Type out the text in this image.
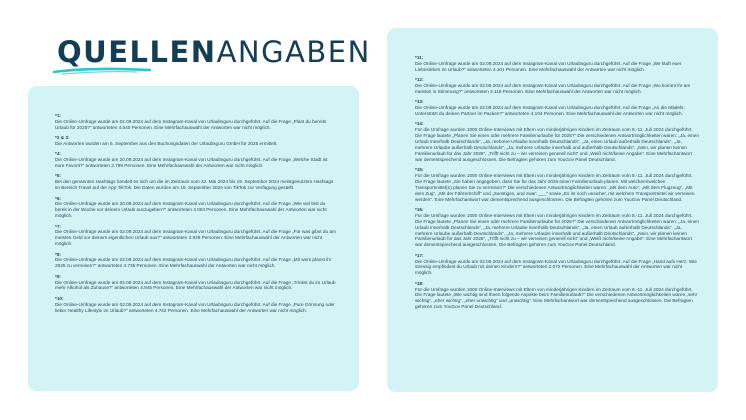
QUELLENANGABEN
*1:
Die Online-Umfrage wurde am 02.09.2024 auf dem Instagram-Kanal von Urlaubsguru durchgeführt. Auf die Frage „Plant du bereits Urlaub für 2025?“ antworteten 4.540 Personen. Eine Mehrfachauswahl der Antworten war nicht möglich.
*2 & 3:
Die Antworten wurden am 5. September aus den Buchungsdaten der Urlaubsguru GmbH für 2025 ermittelt.
*4:
Die Online-Umfrage wurde am 20.09.2024 auf dem Instagram-Kanal von Urlaubsguru durchgeführt. Auf die Frage „Welche Stadt ist eure Favorit?“ antworteten 2.789 Personen. Eine Mehrfachauswahl der Antworten war nicht möglich.
*5:
Bei den genannten Hashtags handelt es sich um die im Zeitraum vom 22. Mai 2024 bis 19. September 2024 meistgenutzten Hashtags im Bereich Travel auf der App TikTok. Die Daten wurden am 19. September 2024 von TikTok zur Verfügung gestellt.
*6:
Die Online-Umfrage wurde am 20.09.2024 auf dem Instagram-Kanal von Urlaubsguru durchgeführt. Auf die Frage „Wie viel bist du bereit in der Woche vor deinem Urlaub auszugeben?“ antworteten 4.063 Personen. Eine Mehrfachauswahl der Antworten war nicht möglich.
*7:
Die Online-Umfrage wurde am 02.09.2024 auf dem Instagram-Kanal von Urlaubsguru durchgeführt. Auf die Frage „Für was gibst du am meisten Geld vor deinem eigentlichen Urlaub aus?“ antworteten 3.939 Personen. Eine Mehrfachauswahl der Antworten war nicht möglich.
*8:
Die Online-Umfrage wurde am 02.09.2024 auf dem Instagram-Kanal von Urlaubsguru durchgeführt. Auf die Frage „Mit wem planst ihr 2025 zu verreisen?“ antworteten 4.735 Personen. Eine Mehrfachauswahl der Antworten war nicht möglich.
*9:
Die Online-Umfrage wurde am 02.09.2024 auf dem Instagram-Kanal von Urlaubsguru durchgeführt. Auf die Frage „Trinkst du im Urlaub mehr Alkohol als Zuhause?“ antworteten 4.945 Personen. Eine Mehrfachauswahl der Antworten war nicht möglich.
*10:
Die Online-Umfrage wurde am 02.09.2024 auf dem Instagram-Kanal von Urlaubsguru durchgeführt. Auf die Frage „Pure Gönnung oder lieber Healthy Lifestyle im Urlaub?“ antworteten 4.742 Personen. Eine Mehrfachauswahl der Antworten war nicht möglich.
*11:
Die Online-Umfrage wurde am 02.09.2024 auf dem Instagram-Kanal von Urlaubsguru durchgeführt. Auf die Frage „We läuft euer Liebesleben im Urlaub?“ antworteten 4.101 Personen. Eine Mehrfachauswahl der Antworten war nicht möglich.
*12:
Die Online-Umfrage wurde am 02.09.2024 auf dem Instagram-Kanal von Urlaubsguru durchgeführt. Auf die Frage „Wo kommt ihr am meisten in Stimmung?“ antworteten 3.119 Personen. Eine Mehrfachauswahl der Antworten war nicht möglich.
*13:
Die Online-Umfrage wurde am 02.09.2024 auf dem Instagram-Kanal von Urlaubsguru durchgeführt. Auf die Frage „An die Mädels: Unterstützt du deinen Partner im Packen?“ antworteten 4.104 Personen. Eine Mehrfachauswahl der Antworten war nicht möglich.
*14:
Für die Umfrage wurden 1000 Online-Interviews mit Eltern von minderjährigen Kindern im Zeitraum vom 8.-11. Juli 2024 durchgeführt. Die Frage lautete „Planen Sie einen oder mehrere Familienurlaube für 2025?“ Die verschiedenen Antwortmöglichkeiten waren: „Ja, einen Urlaub innerhalb Deutschlands“, „Ja, mehrere Urlaube innerhalb Deutschlands“, „Ja, einen Urlaub außerhalb Deutschlands“, „Ja, mehrere Urlaube außerhalb Deutschlands“, „Ja, mehrere Urlaube innerhalb und außerhalb Deutschlands“, „Nein, wir planen keinen Familienurlaub für das Jahr 2025“, „Trifft nicht zu – wir verreisen generell nicht“ und „Weiß nicht/keine Angabe“. Eine Mehrfachantwort war dementsprechend ausgeschlossen. Die Befragten gehören zum YouGov Panel Deutschland.
*15:
Für die Umfrage wurden 1000 Online-Interviews mit Eltern von minderjährigen Kindern im Zeitraum vom 8.-11. Juli 2024 durchgeführt. Die Frage lautete „Sie haben angegeben, dass Sie für das Jahr 2025 einen Familienurlaub planen. Mit welchem/welchen Transportmittel(n) planen Sie zu verreisen?“ Die verschiedenen Antwortmöglichkeiten waren: „Mit dem Auto“, „Mit dem Flugzeug“, „Mit dem Zug“, „Mit der Fähre/Schiff“ und „Sonstiges, und zwar: ___“ sowie „Es ist noch unsicher, mit welchem Transportmittel wir verreisen werden“. Eine Mehrfachantwort war dementsprechend ausgeschlossen. Die Befragten gehören zum YouGov Panel Deutschland.
*16:
Für die Umfrage wurden 1000 Online-Interviews mit Eltern von minderjährigen Kindern im Zeitraum vom 8.-11. Juli 2024 durchgeführt. Die Frage lautete „Planen Sie einen oder mehrere Familienurlaube für 2025?“ Die verschiedenen Antwortmöglichkeiten waren: „Ja, einen Urlaub innerhalb Deutschlands“, „Ja, mehrere Urlaube innerhalb Deutschlands“, „Ja, einen Urlaub außerhalb Deutschlands“, „Ja, mehrere Urlaube außerhalb Deutschlands“, „Ja, mehrere Urlaube innerhalb und außerhalb Deutschlands“, „Nein, wir planen keinen Familienurlaub für das Jahr 2025“, „Trifft nicht zu – wir verreisen generell nicht“ und „Weiß nicht/keine Angabe“. Eine Mehrfachantwort war dementsprechend ausgeschlossen. Die Befragten gehören zum YouGov Panel Deutschland.
*17:
Die Online-Umfrage wurde am 02.09.2024 auf dem Instagram-Kanal von Urlaubsguru durchgeführt. Auf die Frage „Hand aufs Herz: Wie stressig empfindest du Urlaub mit deinen Kindern?“ antworteten 2.072 Personen. Eine Mehrfachauswahl der Antworten war nicht möglich.
*18:
Für die Umfrage wurden 1000 Online-Interviews mit Eltern von minderjährigen Kindern im Zeitraum vom 8.-11. Juli 2024 durchgeführt. Die Frage lautete „Wie wichtig sind Ihnen folgende Aspekte beim Familienurlaub?“ Die verschiedenen Antwortmöglichkeiten waren „sehr wichtig“, „eher wichtig“, „eher unwichtig“ und „unwichtig“. Eine Mehrfachantwort war dementsprechend ausgeschlossen. Die Befragten gehören zum YouGov Panel Deutschland.
